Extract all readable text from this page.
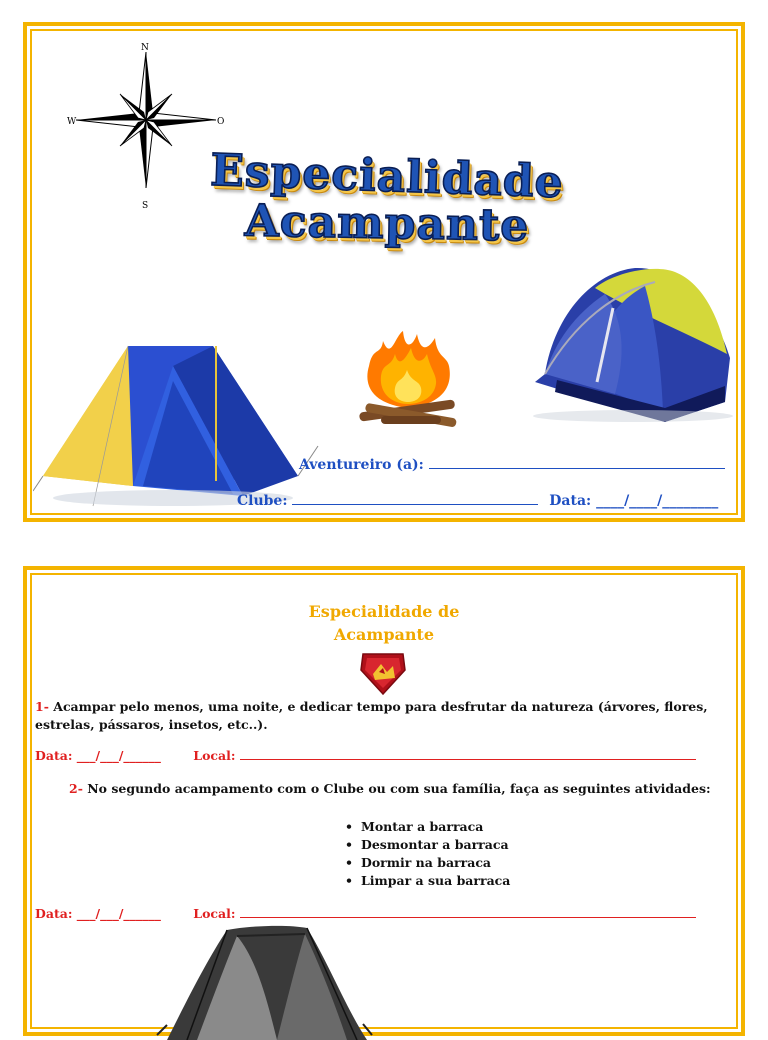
N
S
W	O
Especialidade
Acampante
Aventureiro (a):
Clube:	Data: ____/____/________
Especialidade de
Acampante
1- Acampar pelo menos, uma noite, e dedicar tempo para desfrutar da natureza (árvores, flores, estrelas, pássaros, insetos, etc..).
Data: ___/___/______	Local:
2- No segundo acampamento com o Clube ou com sua família, faça as seguintes atividades:
• Montar a barraca
• Desmontar a barraca
• Dormir na barraca
• Limpar a sua barraca
Data: ___/___/______	Local:
